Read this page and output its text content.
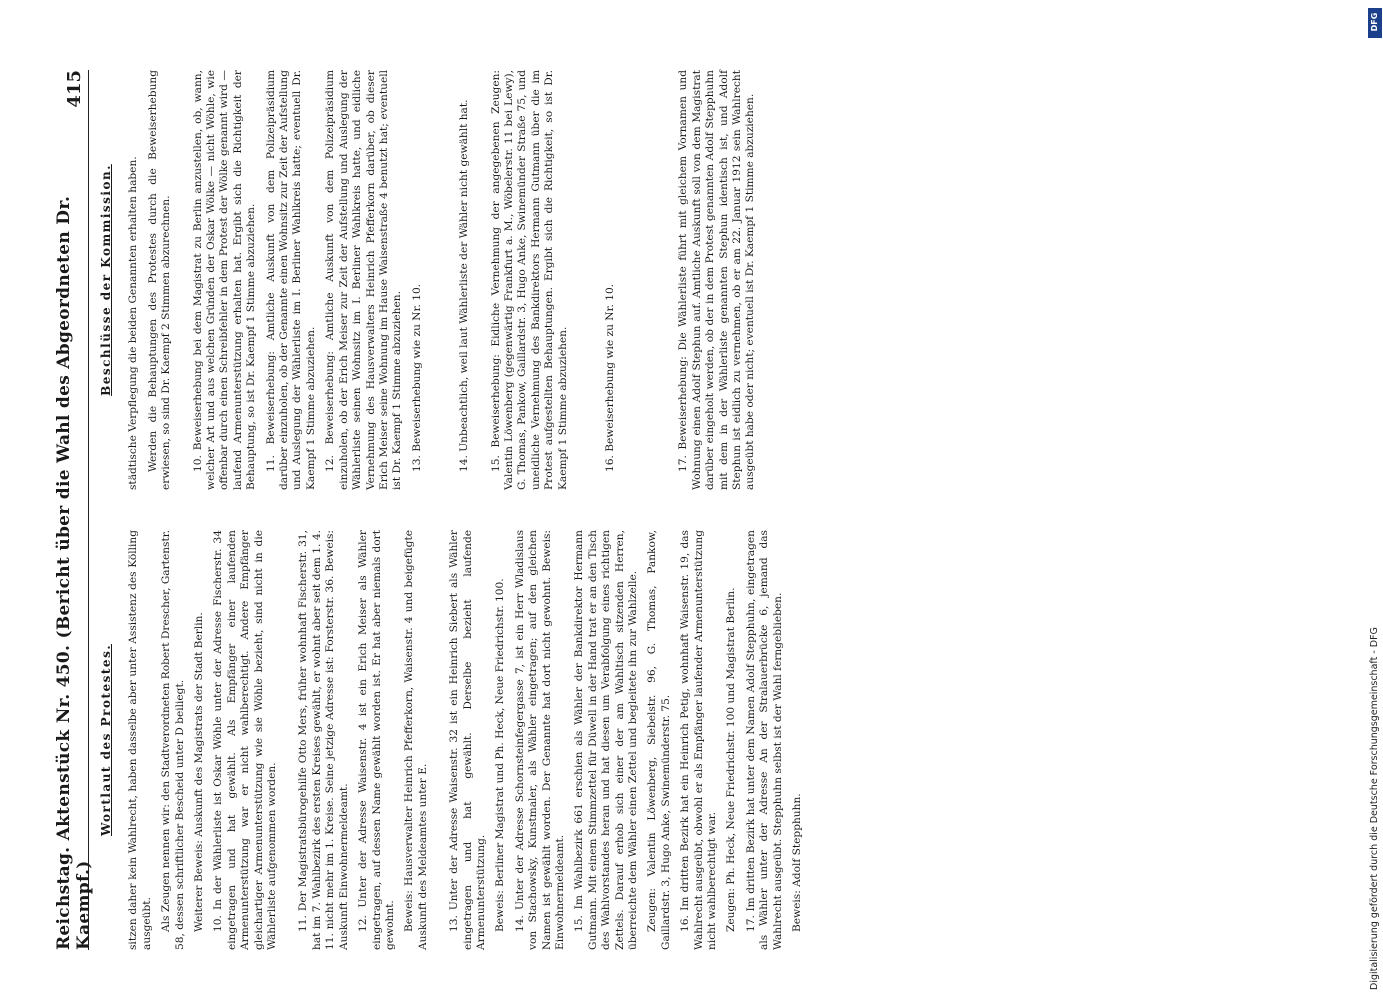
Reichstag. Aktenstück Nr. 450. (Bericht über die Wahl des Abgeordneten Dr. Kaempf.)
415
Wortlaut des Protestes. sitzen daher kein Wahlrecht, haben dasselbe aber unter Assistenz des Kölling ausgeübt. Als Zeugen nennen wir: den Stadtverordneten Robert Drescher, Gartenstr. 58, dessen schriftlicher Bescheid unter D beiliegt. Weiterer Beweis: Auskunft des Magistrats der Stadt Berlin. 10. In der Wählerliste ist Oskar Wöhle unter der Adresse Fischerstr. 34 eingetragen und hat gewählt. Als Empfänger einer laufenden Armenunterstützung war er nicht wahlberechtigt. Andere Empfänger gleichartiger Armenunterstützung wie sie Wöhle bezieht, sind nicht in die Wählerliste aufgenommen worden. 11. Der Magistratsbürogehilfe Otto Mers, früher wohnhaft Fischerstr. 31, hat im 7. Wahlbezirk des ersten Kreises gewählt, er wohnt aber seit dem 1. 4. 11. nicht mehr im 1. Kreise. Seine jetzige Adresse ist: Forsterstr. 36. Beweis: Auskunft Einwohnermeldeamt. 12. Unter der Adresse Waisenstr. 4 ist ein Erich Meiser als Wähler eingetragen, auf dessen Name gewählt worden ist. Er hat aber niemals dort gewohnt. Beweis: Hausverwalter Heinrich Pfefferkorn, Waisenstr. 4 und beigefügte Auskunft des Meldeamtes unter E. 13. Unter der Adresse Waisenstr. 32 ist ein Heinrich Siebert als Wähler eingetragen und hat gewählt. Derselbe bezieht laufende Armenunterstützung. Beweis: Berliner Magistrat und Ph. Heck, Neue Friedrichstr. 100. 14. Unter der Adresse Schornsteinfegergasse 7, ist ein Herr Wladislaus von Stachowsky, Kunstmaler, als Wähler eingetragen; auf den gleichen Namen ist gewählt worden. Der Genannte hat dort nicht gewohnt. Beweis: Einwohnermeldeamt. 15. Im Wahlbezirk 661 erschien als Wähler der Bankdirektor Hermann Gutmann. Mit einem Stimmzettel für Düwell in der Hand trat er an den Tisch des Wahlvorstandes heran und hat diesen um Verabfolgung eines richtigen Zettels. Darauf erhob sich einer der am Wahltisch sitzenden Herren, überreichte dem Wähler einen Zettel und begleitete ihn zur Wahlzelle. Zeugen: Valentin Löwenberg, Siebelstr. 96, G. Thomas, Pankow, Gaillardstr. 3, Hugo Anke, Swinemünderstr. 75. 16. Im dritten Bezirk hat ein Heinrich Petig, wohnhaft Waisenstr. 19, das Wahlrecht ausgeübt, obwohl er als Empfänger laufender Armenunterstützung nicht wahlberechtigt war. Zeugen: Ph. Heck, Neue Friedrichstr. 100 und Magistrat Berlin. 17. Im dritten Bezirk hat unter dem Namen Adolf Stepphuhn, eingetragen als Wähler unter der Adresse An der Stralauerbrücke 6, jemand das Wahlrecht ausgeübt. Stepphuhn selbst ist der Wahl ferngeblieben. Beweis: Adolf Stepphuhn.

Beschlüsse der Kommission. städtische Verpflegung die beiden Genannten erhalten haben. Werden die Behauptungen des Protestes durch die Beweiserhebung erwiesen, so sind Dr. Kaempf 2 Stimmen abzurechnen. 10. Beweiserhebung bei dem Magistrat zu Berlin anzustellen, ob, wann, welcher Art und aus welchen Gründen der Oskar Wölke — nicht Wöhle, wie offenbar durch einen Schreibfehler in dem Protest der Wölke genannt wird — laufend Armenunterstützung erhalten hat. Ergibt sich die Richtigkeit der Behauptung, so ist Dr. Kaempf 1 Stimme abzuziehen. 11. Beweiserhebung: Amtliche Auskunft von dem Polizeipräsidium darüber einzuholen, ob der Genannte einen Wohnsitz zur Zeit der Aufstellung und Auslegung der Wählerliste im I. Berliner Wahlkreis hatte; eventuell Dr. Kaempf 1 Stimme abzuziehen. 12. Beweiserhebung: Amtliche Auskunft von dem Polizeipräsidium einzuholen, ob der Erich Meiser zur Zeit der Aufstellung und Auslegung der Wählerliste seinen Wohnsitz im I. Berliner Wahlkreis hatte, und eidliche Vernehmung des Hausverwalters Heinrich Pfefferkorn darüber, ob dieser Erich Meiser seine Wohnung im Hause Waisenstraße 4 benutzt hat; eventuell ist Dr. Kaempf 1 Stimme abzuziehen. 13. Beweiserhebung wie zu Nr. 10.	14. Unbeachtlich, weil laut Wählerliste der Wähler nicht gewählt hat. 15. Beweiserhebung: Eidliche Vernehmung der angegebenen Zeugen: Valentin Löwenberg (gegenwärtig Frankfurt a. M., Wöbelerstr. 11 bei Lewy), G. Thomas, Pankow, Gaillardstr. 3, Hugo Anke, Swinemünder Straße 75, und uneidliche Vernehmung des Bankdirektors Hermann Gutmann über die im Protest aufgestellten Behauptungen. Ergibt sich die Richtigkeit, so ist Dr. Kaempf 1 Stimme abzuziehen.	16. Beweiserhebung wie zu Nr. 10.	17. Beweiserhebung: Die Wählerliste führt mit gleichem Vornamen und Wohnung einen Adolf Stephun auf. Amtliche Auskunft soll von dem Magistrat darüber eingeholt werden, ob der in dem Protest genannten Adolf Stepphuhn mit dem in der Wählerliste genannten Stephun identisch ist, und Adolf Stephun ist eidlich zu vernehmen, ob er am 22. Januar 1912 sein Wahlrecht ausgeübt habe oder nicht; eventuell ist Dr. Kaempf 1 Stimme abzuziehen.

DFG
Digitalisierung gefördert durch die Deutsche Forschungsgemeinschaft - DFG
